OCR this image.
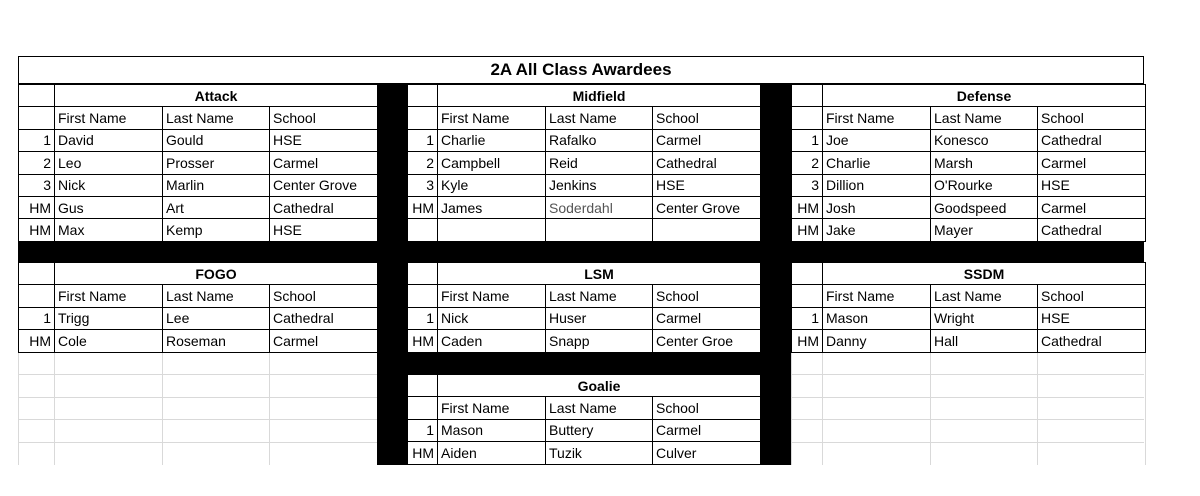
2A All Class Awardees
	Attack		
	First Name	Last Name	School
1	David	Gould	HSE
2	Leo	Prosser	Carmel
3	Nick	Marlin	Center Grove
HM	Gus	Art	Cathedral
HM	Max	Kemp	HSE
	Midfield		
	First Name	Last Name	School
1	Charlie	Rafalko	Carmel
2	Campbell	Reid	Cathedral
3	Kyle	Jenkins	HSE
HM	James	Soderdahl	Center Grove

	Defense		
	First Name	Last Name	School
1	Joe	Konesco	Cathedral
2	Charlie	Marsh	Carmel
3	Dillion	O'Rourke	HSE
HM	Josh	Goodspeed	Carmel
HM	Jake	Mayer	Cathedral
	FOGO		
	First Name	Last Name	School
1	Trigg	Lee	Cathedral
HM	Cole	Roseman	Carmel
	LSM		
	First Name	Last Name	School
1	Nick	Huser	Carmel
HM	Caden	Snapp	Center Groe
	SSDM		
	First Name	Last Name	School
1	Mason	Wright	HSE
HM	Danny	Hall	Cathedral
	Goalie		
	First Name	Last Name	School
1	Mason	Buttery	Carmel
HM	Aiden	Tuzik	Culver
